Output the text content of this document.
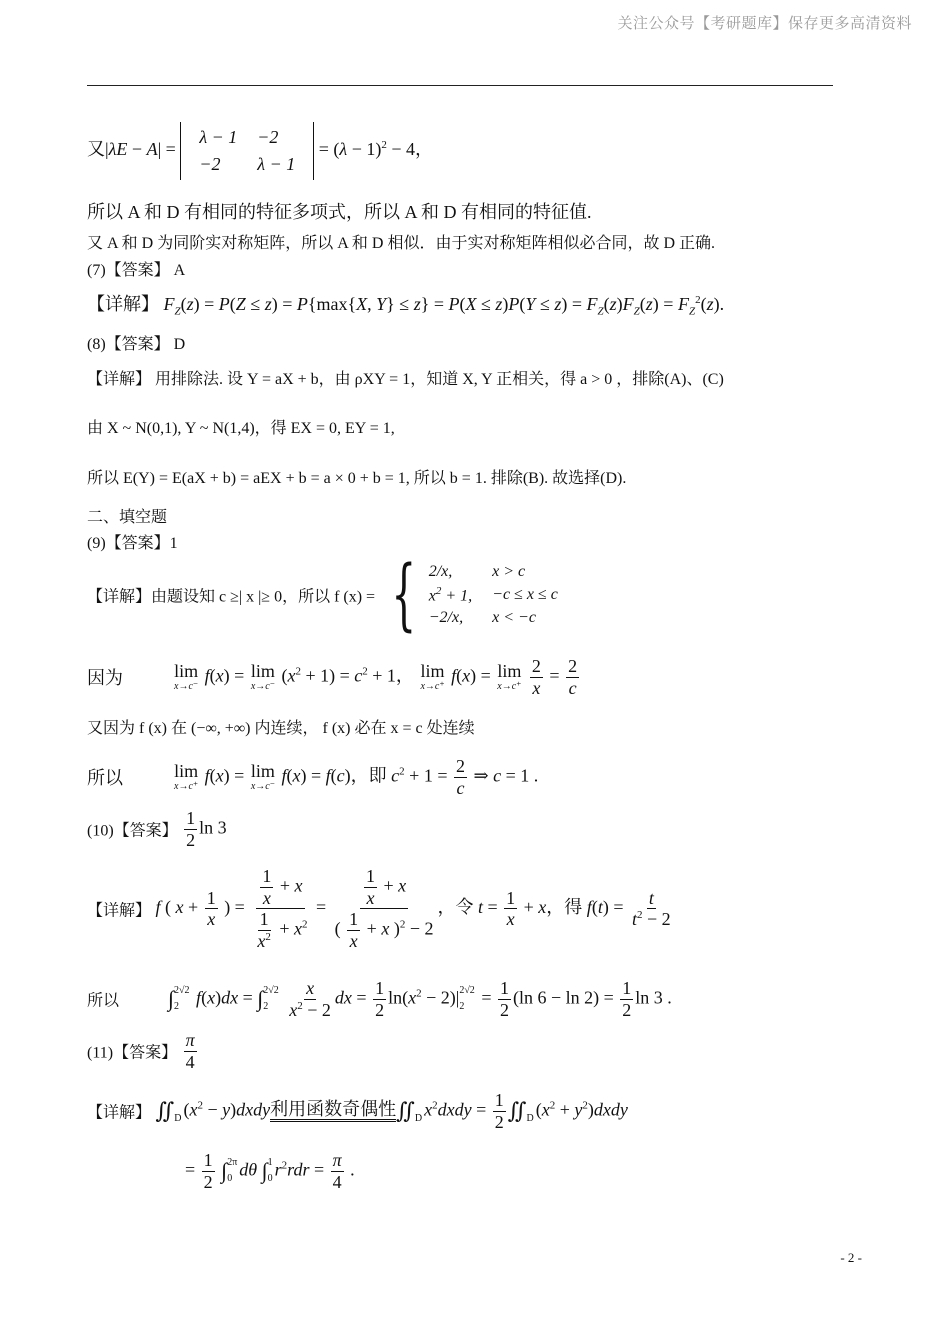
关注公众号【考研题库】保存更多高清资料
又|λE − A| =
λ − 1	−2
−2	λ − 1
= $(\lambda - 1)^2 - 4$，
所以 A 和 D 有相同的特征多项式，所以 A 和 D 有相同的特征值.
又 A 和 D 为同阶实对称矩阵，所以 A 和 D 相似．由于实对称矩阵相似必合同，故 D 正确.
(7)【答案】 A
【详解】 $F_Z(z) = P(Z \le z) = P\{\max\{X$, $Y\} \le z\} = P(X \le z)P(Y \le z) = F_Z(z)F_Z(z) = F_Z^2(z)$.
(8)【答案】 D
【详解】 用排除法. 设 Y = aX + b，由 ρXY = 1，知道 X, Y 正相关，得 a > 0 ，排除(A)、(C)
由 X ~ N(0,1), Y ~ N(1,4)，得 EX = 0, EY = 1,
所以 E(Y) = E(aX + b) = aEX + b = a × 0 + b = 1, 所以 b = 1. 排除(B). 故选择(D).
二、填空题
(9)【答案】1
【详解】由题设知 c ≥| x |≥ 0，所以 f (x) = { 2/x,	x > c
$x^2 + 1$,	−c ≤ x ≤ c
−2/x,	x < −c
因为	lim
x→c⁻
f(x) = lim
x→c⁻
$(x^2 + 1) = c^2 + 1$， lim
x→c⁺
f(x) = lim
x→c⁺
$\frac{2}{x} = \frac{2}{c}$
又因为 f (x) 在 (−∞, +∞) 内连续， f (x) 必在 x = c 处连续
所以	lim
x→c⁺
f(x) = lim
x→c⁻
f(x) = f(c)，即 $c^2 + 1 = \frac{2}{c}$ ⇒ c = 1 .
(10)【答案】 $\frac{1}{2}$ ln 3
【详解】 f ( $x + \frac{1}{x}$ ) = $\frac{\frac{1}{x} + x}{\frac{1}{x^2} + x^2} = \frac{\frac{1}{x} + x}{( \frac{1}{x} + x )^2 - 2}$ ，令 $t = \frac{1}{x} + x$，得 $f(t) = \frac{t}{t^2 - 2}$
所以 ∫ 2√2
2 f(x)dx = ∫ 2√2
2
	$\frac{x}{x^2 - 2}$ dx = $\frac{1}{2} \ln(x^2 - 2)|$ 2√2
$2 = \frac{1}{2} (\ln$ $6 - \ln 2) = \frac{1}{2}$ ln 3 .
(11)【答案】 $\frac{\pi}{4}$
【详解】 ∬
D ($x^2$ − y)dxdy利用函数奇偶性∬
D $x^2dxdy = \frac{1}{2}$ ∬
D ($x^2$ + $y^2)dxdy$
= $\frac{1}{2}$ ∫ 2π
0 dθ ∫ 1
0 $r^2rdr = \frac{\pi}{4}$ .
- 2 -
